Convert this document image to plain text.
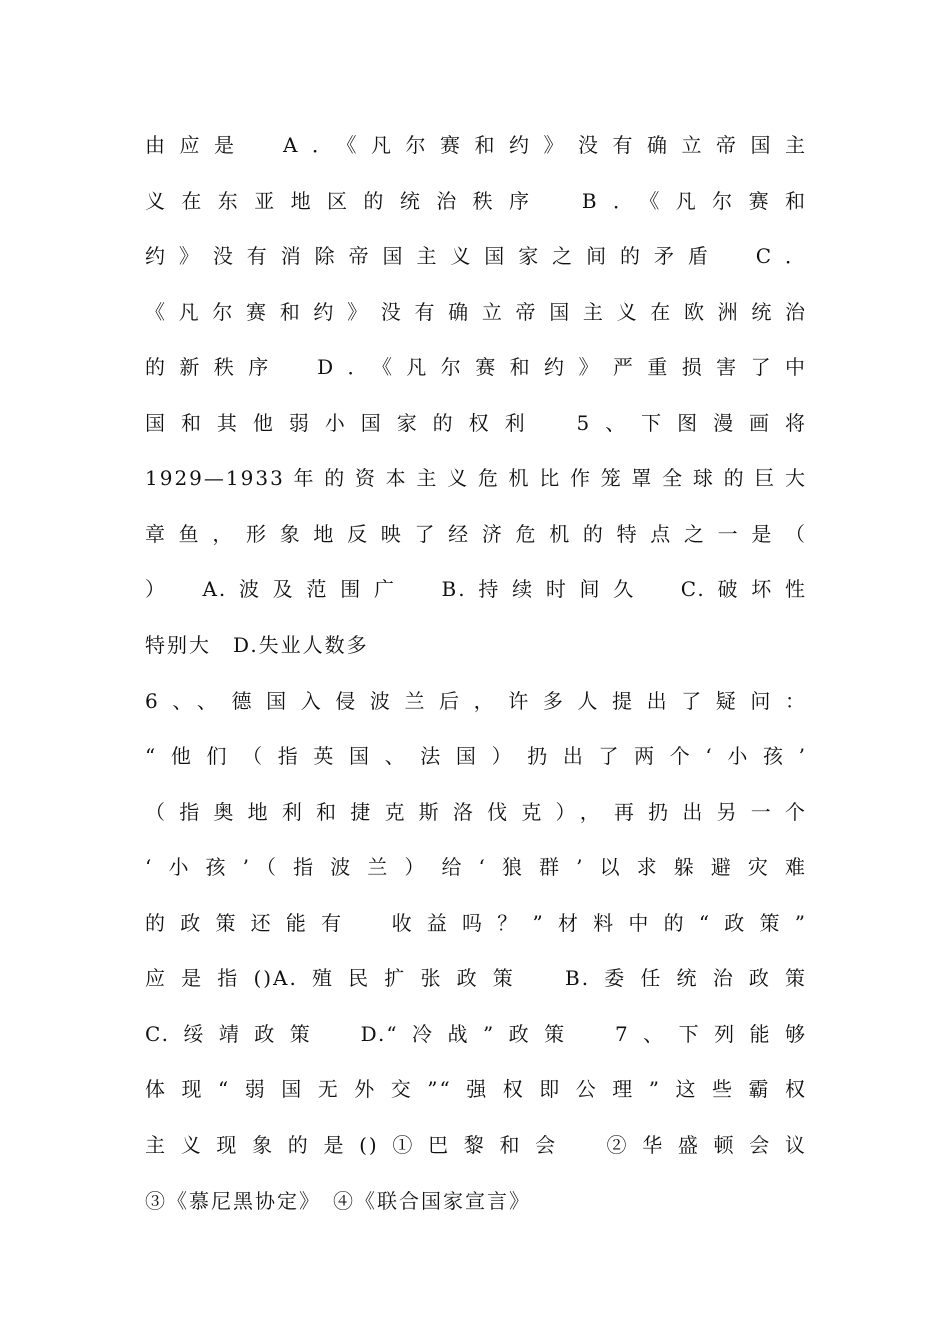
由应是　A．《凡尔赛和约》没有确立帝国主
义在东亚地区的统治秩序　B．《凡尔赛和
约》没有消除帝国主义国家之间的矛盾　C．
《凡尔赛和约》没有确立帝国主义在欧洲统治
的新秩序　D．《凡尔赛和约》严重损害了中
国和其他弱小国家的权利　5、下图漫画将
1929—1933年的资本主义危机比作笼罩全球的巨大
章鱼，形象地反映了经济危机的特点之一是（
）　A.波及范围广　B.持续时间久　C.破坏性
特别大　D.失业人数多
6、、德国入侵波兰后，许多人提出了疑问：
“他们（指英国、法国）扔出了两个‘小孩’
（指奥地利和捷克斯洛伐克），再扔出另一个
‘小孩’（指波兰）给‘狼群’以求躲避灾难
的政策还能有　收益吗？”材料中的“政策”
应是指()A.殖民扩张政策　B.委任统治政策
C.绥靖政策　D.“冷战”政策　7、下列能够
体现“弱国无外交”“强权即公理”这些霸权
主义现象的是()①巴黎和会　②华盛顿会议
③《慕尼黑协定》　④《联合国家宣言》
